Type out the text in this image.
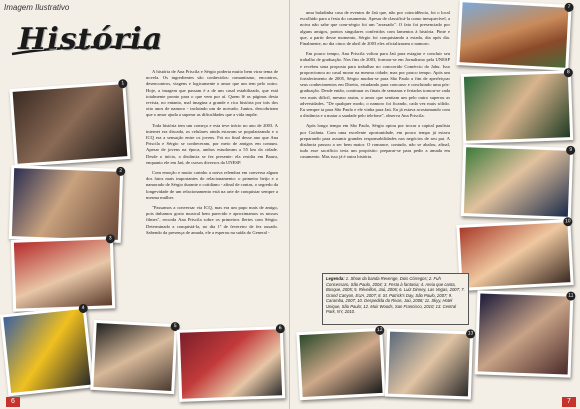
Imagem Ilustrativo
História
1
2
3
4
5	6

A história de Ana Priscila e Sérgio poderia muito bem virar tema de novela. Os ingredientes são conhecidos: romantismo, encontros, desencontros, viagens e logicamente o amor que um tem pelo outro. Hoje, a imagem que passam é a de um casal estabilizado, que está totalmente pronto para o que vem por aí. Quem lê as páginas desta revista, no entanto, mal imagina a grande e rica história por trás dos oito anos de namoro - incluindo um de noivado. Juntos, descobriram que o amor ajuda a superar as dificuldades que a vida impõe.

Toda história tem um começo e esta teve início no ano de 2003. A internet era discada, os celulares ainda estavam se popularizando e o ICQ era a sensação entre os jovens. Foi no final desse ano que Ana Priscila e Sérgio se conheceram, por meio de amigos em comum. Apesar de jovens na época, ambos estudavam a 55 km da cidade. Desde o início, a distância se fez presente: ela residia em Bauru, enquanto ele em Jaú, de cursos diversos da UNESP.

Com emoção e muito carinho a noiva relembra em conversa algum dos fatos mais importantes do relacionamento: o primeiro beijo e o namorado de Sérgio durante o cotidiano - afinal de contas, o segredo da longevidade de um relacionamento está na arte de conquistar sempre a mesma mulher.

"Passamos a conversar via ICQ, mas era um papo mais de amigo, pois tínhamos gosto musical bem parecido e aproximamos os nossos filmes", recorda Ana Priscila sobre os primeiros flertes com Sérgio. Determinado a conquistá-la, no dia 1º de fevereiro de fez ousado. Sabendo da presença de amada, ele a esperou na saída do General -

6

uma baladinha casa de eventos de Jaú que, não por coincidência, foi o local escolhido para a festa do casamento. Apesar de classificá-la como inesquecível, a noiva não sabe que com-sérgio foi um "arrasado". O fato foi presenciado por alguns amigos, pontos singulares conferidos com lamentos à história. Pinte e que, a partir desse momento, Sérgio foi conquistando a estada, dia após dia. Finalmente, no dia cinco de abril de 2003 eles oficializaram o namoro.

Em pouco tempo, Ana Priscila voltou para Jaú para estagiar e concluir seu trabalho de graduação. Nos fins de 2003, formou-se em Jornalismo pela UNESP e recebeu uma proposta para trabalhar no concorrido Comércio do Jahu. Isso proporcionou ao casal morar na mesma cidade, mas por pouco tempo. Após um fortalecimento de 2005, Sérgio mudou-se para São Paulo a fim de aperfeiçoar seus conhecimentos em Direito, estudando para concurso e concluindo uma pós-graduação. Desde então, continuar os finais de semanas e feriados tornou-se cada vez mais difícil, mesmo assim, o amor que sentiam um pelo outro superou as adversidades. "De qualquer modo, o namoro foi ficando, cada vez mais sólido. Eu sempre ia para São Paulo e ele vinha para Jaú. Eu já estava acostumando com a distância e a matar a saudade pelo telefone", observa Ana Priscila.

Após longo tempo em São Paulo, Sérgio optou por trocar a capital paulista por Goiânia. Com uma excelente oportunidade, em pouco tempo já estava preparando para assumir grandes responsabilidades nos negócios de seu pai. A distância passou a ser bem maior. O romance, contudo, não se abalou, afinal, tudo esse sacrifício teria um propósito: preparar-se para pedir a amada em casamento. Mas isso já é outra história.

7
8
9
10
11
12
13
7
Legenda: 1. Show da banda Revenge, Dois Córregos; 2. Fuh Concessaro, São Paulo, 2004; 3. Festa à fantasia; 4. Areia que canta, Bosque, 2005; 5. Réveillon, Jaú, 2006; 6. Luiz Dinney, Las Vegas, 2007; 7. Grand Canyon, EUA, 2007; 8. St. Patrick's Day, São Paulo, 2007; 9. Caramba, 2007; 10. Despedida do Rivas, Jaú, 2008; 11. Skyy, Hotel Unique, São Paulo; 12. Muir Woods, San Francisco, 2010; 13. Central Park, NY, 2010.
